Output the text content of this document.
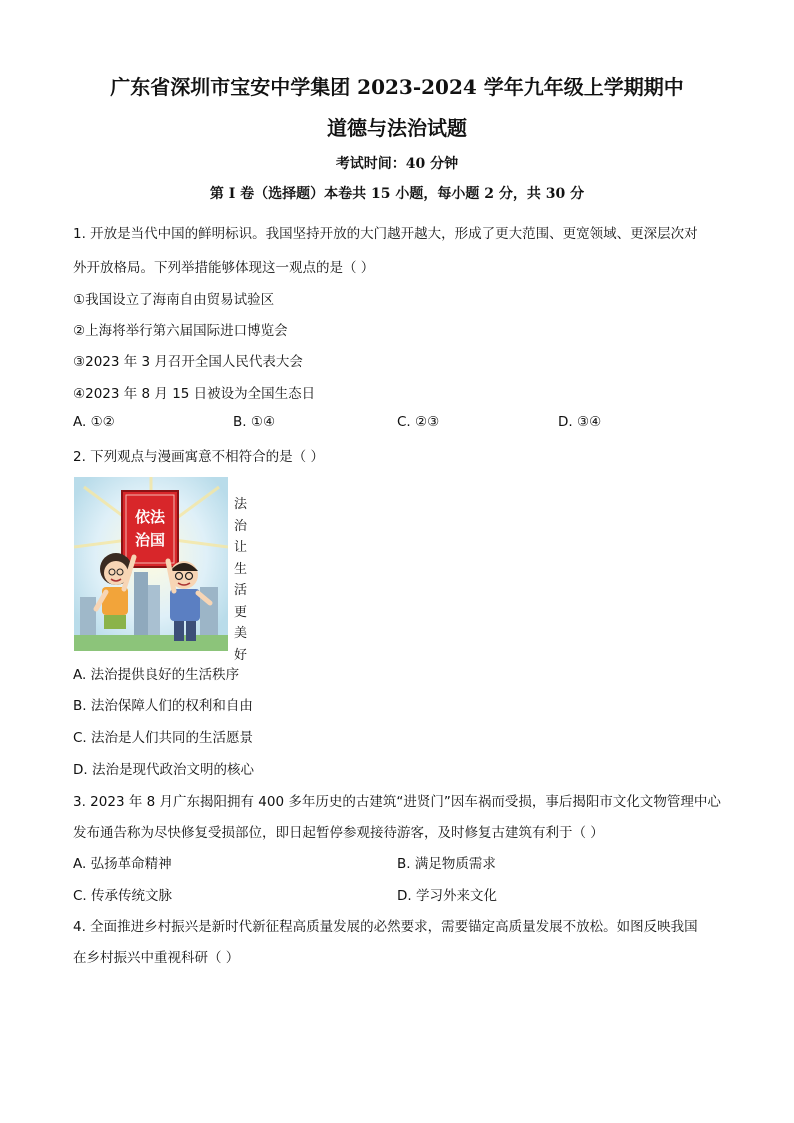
广东省深圳市宝安中学集团 2023-2024 学年九年级上学期期中
道德与法治试题
考试时间：40 分钟
第 I 卷（选择题）本卷共 15 小题，每小题 2 分，共 30 分
1. 开放是当代中国的鲜明标识。我国坚持开放的大门越开越大，形成了更大范围、更宽领域、更深层次对
外开放格局。下列举措能够体现这一观点的是（ ）
①我国设立了海南自由贸易试验区
②上海将举行第六届国际进口博览会
③2023 年 3 月召开全国人民代表大会
④2023 年 8 月 15 日被设为全国生态日
A. ①②	B. ①④	C. ②③	D. ③④
2. 下列观点与漫画寓意不相符合的是（ ）
依法
治国
法治让生活更美好
A. 法治提供良好的生活秩序
B. 法治保障人们的权利和自由
C. 法治是人们共同的生活愿景
D. 法治是现代政治文明的核心
3. 2023 年 8 月广东揭阳拥有 400 多年历史的古建筑“进贤门”因车祸而受损，事后揭阳市文化文物管理中心
发布通告称为尽快修复受损部位，即日起暂停参观接待游客，及时修复古建筑有利于（ ）
A. 弘扬革命精神	B. 满足物质需求
C. 传承传统文脉	D. 学习外来文化
4. 全面推进乡村振兴是新时代新征程高质量发展的必然要求，需要锚定高质量发展不放松。如图反映我国
在乡村振兴中重视科研（ ）
